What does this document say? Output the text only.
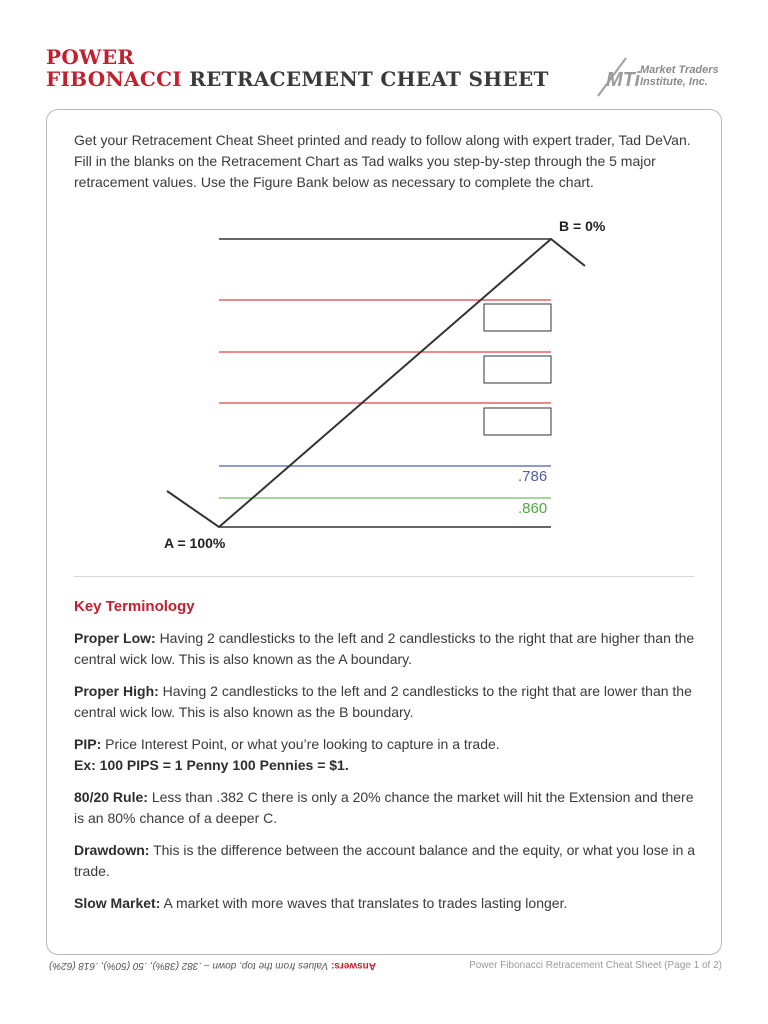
POWER
FIBONACCI RETRACEMENT CHEAT SHEET	MTi Market Traders
Institute, Inc.
Get your Retracement Cheat Sheet printed and ready to follow along with expert trader, Tad DeVan. Fill in the blanks on the Retracement Chart as Tad walks you step-by-step through the 5 major retracement values. Use the Figure Bank below as necessary to complete the chart.
B = 0%
A = 100%
.786
.860
Key Terminology
Proper Low: Having 2 candlesticks to the left and 2 candlesticks to the right that are higher than the central wick low. This is also known as the A boundary.
Proper High: Having 2 candlesticks to the left and 2 candlesticks to the right that are lower than the central wick low. This is also known as the B boundary.
PIP: Price Interest Point, or what you’re looking to capture in a trade.
Ex: 100 PIPS = 1 Penny 100 Pennies = $1.
80/20 Rule: Less than .382 C there is only a 20% chance the market will hit the Extension and there is an 80% chance of a deeper C.
Drawdown: This is the difference between the account balance and the equity, or what you lose in a trade.
Slow Market: A market with more waves that translates to trades lasting longer.
Answers: Values from the top, down – .382 (38%), .50 (50%), .618 (62%)	Power Fibonacci Retracement Cheat Sheet (Page 1 of 2)
